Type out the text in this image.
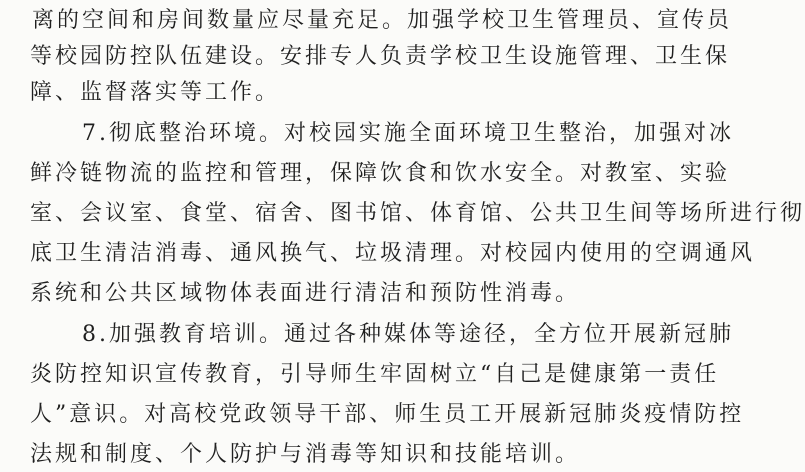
离的空间和房间数量应尽量充足。加强学校卫生管理员、宣传员
等校园防控队伍建设。安排专人负责学校卫生设施管理、卫生保
障、监督落实等工作。
7.彻底整治环境。对校园实施全面环境卫生整治，加强对冰
鲜冷链物流的监控和管理，保障饮食和饮水安全。对教室、实验
室、会议室、食堂、宿舍、图书馆、体育馆、公共卫生间等场所进行彻
底卫生清洁消毒、通风换气、垃圾清理。对校园内使用的空调通风
系统和公共区域物体表面进行清洁和预防性消毒。
8.加强教育培训。通过各种媒体等途径，全方位开展新冠肺
炎防控知识宣传教育，引导师生牢固树立“自己是健康第一责任
人”意识。对高校党政领导干部、师生员工开展新冠肺炎疫情防控
法规和制度、个人防护与消毒等知识和技能培训。
